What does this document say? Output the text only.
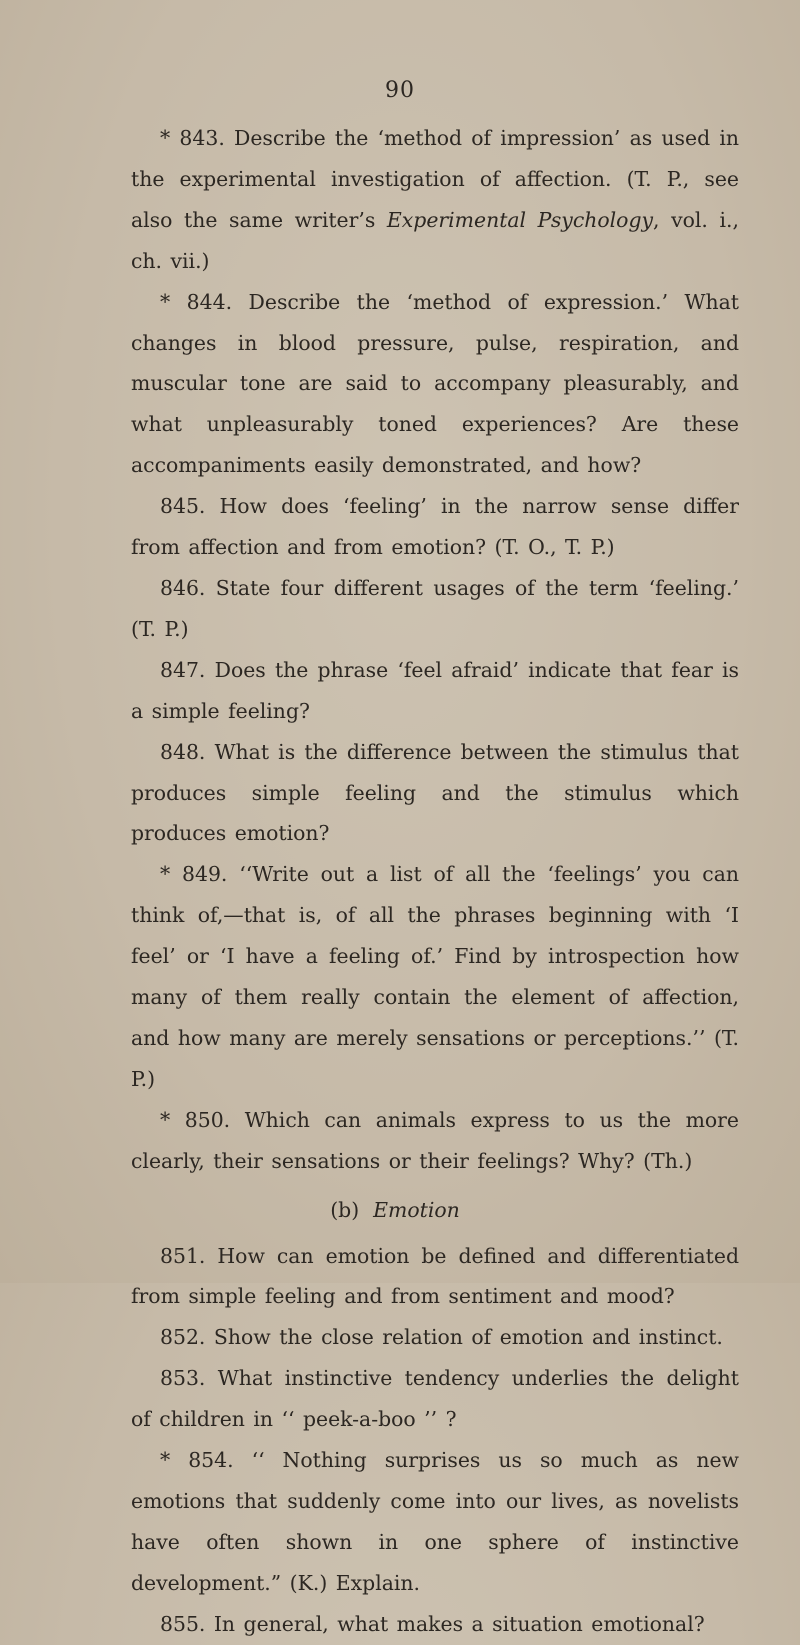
90

* 843. Describe the ‘method of impression’ as used in the experimental investigation of affection. (T. P., see also the same writer’s Experimental Psychology, vol. i., ch. vii.)

* 844. Describe the ‘method of expression.’ What changes in blood pressure, pulse, respiration, and muscular tone are said to accompany pleasurably, and what unpleasurably toned experiences? Are these accompaniments easily demonstrated, and how?

845. How does ‘feeling’ in the narrow sense differ from affection and from emotion? (T. O., T. P.)

846. State four different usages of the term ‘feeling.’ (T. P.)

847. Does the phrase ‘feel afraid’ indicate that fear is a simple feeling?

848. What is the difference between the stimulus that produces simple feeling and the stimulus which produces emotion?

* 849. ‘‘Write out a list of all the ‘feelings’ you can think of,—that is, of all the phrases beginning with ‘I feel’ or ‘I have a feeling of.’ Find by introspection how many of them really contain the element of affection, and how many are merely sensations or perceptions.’’ (T. P.)

* 850. Which can animals express to us the more clearly, their sensations or their feelings? Why? (Th.)

(b) Emotion

851. How can emotion be defined and differentiated from simple feeling and from sentiment and mood?

852. Show the close relation of emotion and instinct.

853. What instinctive tendency underlies the delight of children in ‘‘ peek-a-boo ’’ ?

* 854. ‘‘ Nothing surprises us so much as new emotions that suddenly come into our lives, as novelists have often shown in one sphere of instinctive development.” (K.) Explain.

855. In general, what makes a situation emotional?
